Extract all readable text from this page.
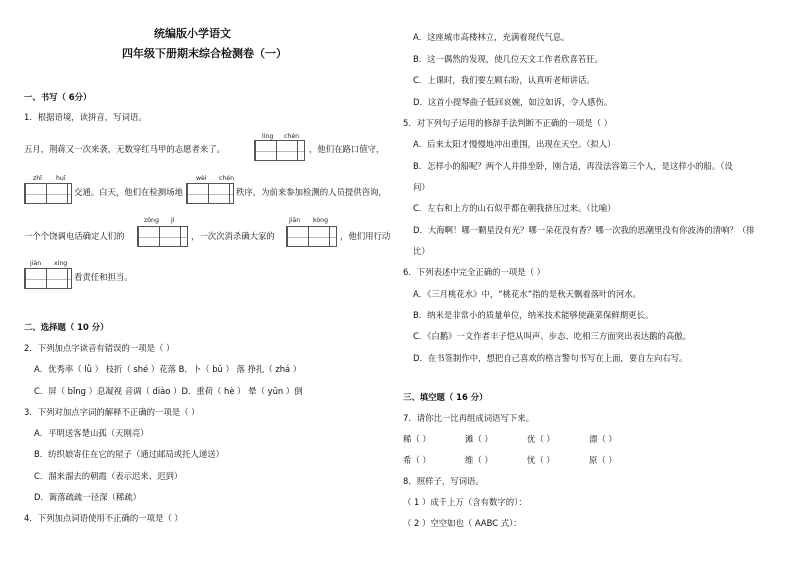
统编版小学语文
四年级下册期末综合检测卷（一）
一、书写（ 6分）
1．根据语境，读拼音，写词语。
líng chén
五月，荆蒋又一次来袭，无数穿红马甲的志愿者来了。	，他们在路口值守，
zhǐ huī
交通。白天，他们在检测场地
wèi chén
秩序，为前来参加检测的人员提供咨询，
一个个饶调电话确定人们的
zōng jì
，一次次消杀确大家的
jiān kòng
，他们用行动
jiàn xíng
看责任和担当。
二、选择题（ 10 分）
2．下列加点字读音有错误的一项是（ ）
A．优秀率（ lǜ ） 枝折（ shé ）花落 B．卜（ bǔ ） 落 挣扎（ zhá ）
C．屏（ bǐng ）息凝视 音调（ diào ）D．重荷（ hè ） 晕（ yūn ）倒
3．下列对加点字词的解释不正确的一项是（ ）
A．平明送客楚山孤（天刚亮）
B．纺织娘寄住在它的屋子（通过邮局或托人递送）
C．溜来溜去的朝霞（表示迟来、迟到）
D．篱落疏疏一径深（稀疏）
4．下列加点词语使用不正确的一项是（ ）
A．这座城市高楼林立，充满着现代气息。
B．这一偶然的发现，使几位天文工作者欣喜若狂。
C．上课时，我们要左顾右盼，认真听老师讲话。
D．这首小提琴曲子低回哀婉，如泣如诉，令人感伤。
5．对下列句子运用的修辞手法判断不正确的一项是（ ）
A．后来太阳才慢慢地冲出重围，出现在天空。（拟人）
B．怎样小的船呢？两个人并排坐卧，刚合适，再没法容第三个人，是这样小的船。（设
问）
C．左右和上方的山石似乎都在朝我挤压过来。（比喻）
D．大海啊！哪一颗星没有光？哪一朵花没有香？哪一次我的思潮里没有你波涛的清响？（排
比）
6．下列表述中完全正确的一项是（ ）
A．《三月桃花水》中，“桃花水”指的是秋天飘着落叶的河水。
B．纳米是非常小的质量单位，纳米技术能够使蔬菜保鲜期更长。
C．《白鹅》一文作者丰子恺从叫声、步态、吃相三方面突出表达鹅的高傲。
D．在书签制作中，想把自己喜欢的格言警句书写在上面，要自左向右写。
三、填空题（ 16 分）
7．请你比一比再组成词语写下来。
稀（ ）	滩（ ）	优（ ）	漂（ ）
希（ ）	维（ ）	忧（ ）	原（ ）
8．照样子，写词语。
（ 1 ）成千上万（含有数字的）：
（ 2 ）空空如也（ AABC 式）：
